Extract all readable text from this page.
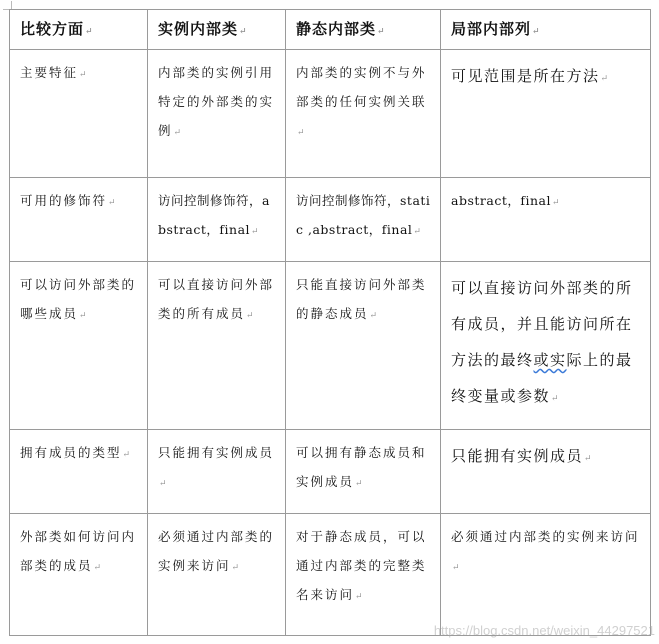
比较方面↵	实例内部类↵	静态内部类↵	局部内部列↵
主要特征↵	内部类的实例引用特定的外部类的实例↵	内部类的实例不与外部类的任何实例关联↵	可见范围是所在方法↵
可用的修饰符↵	访问控制修饰符，abstract，final↵	访问控制修饰符，static ,abstract，final↵	abstract，final↵
可以访问外部类的哪些成员↵	可以直接访问外部类的所有成员↵	只能直接访问外部类的静态成员↵	可以直接访问外部类的所有成员，并且能访问所在方法的最终或实际上的最终变量或参数↵
拥有成员的类型↵	只能拥有实例成员↵	可以拥有静态成员和实例成员↵	只能拥有实例成员↵
外部类如何访问内部类的成员↵	必须通过内部类的实例来访问↵	对于静态成员，可以通过内部类的完整类名来访问↵	必须通过内部类的实例来访问↵
https://blog.csdn.net/weixin_44297521
